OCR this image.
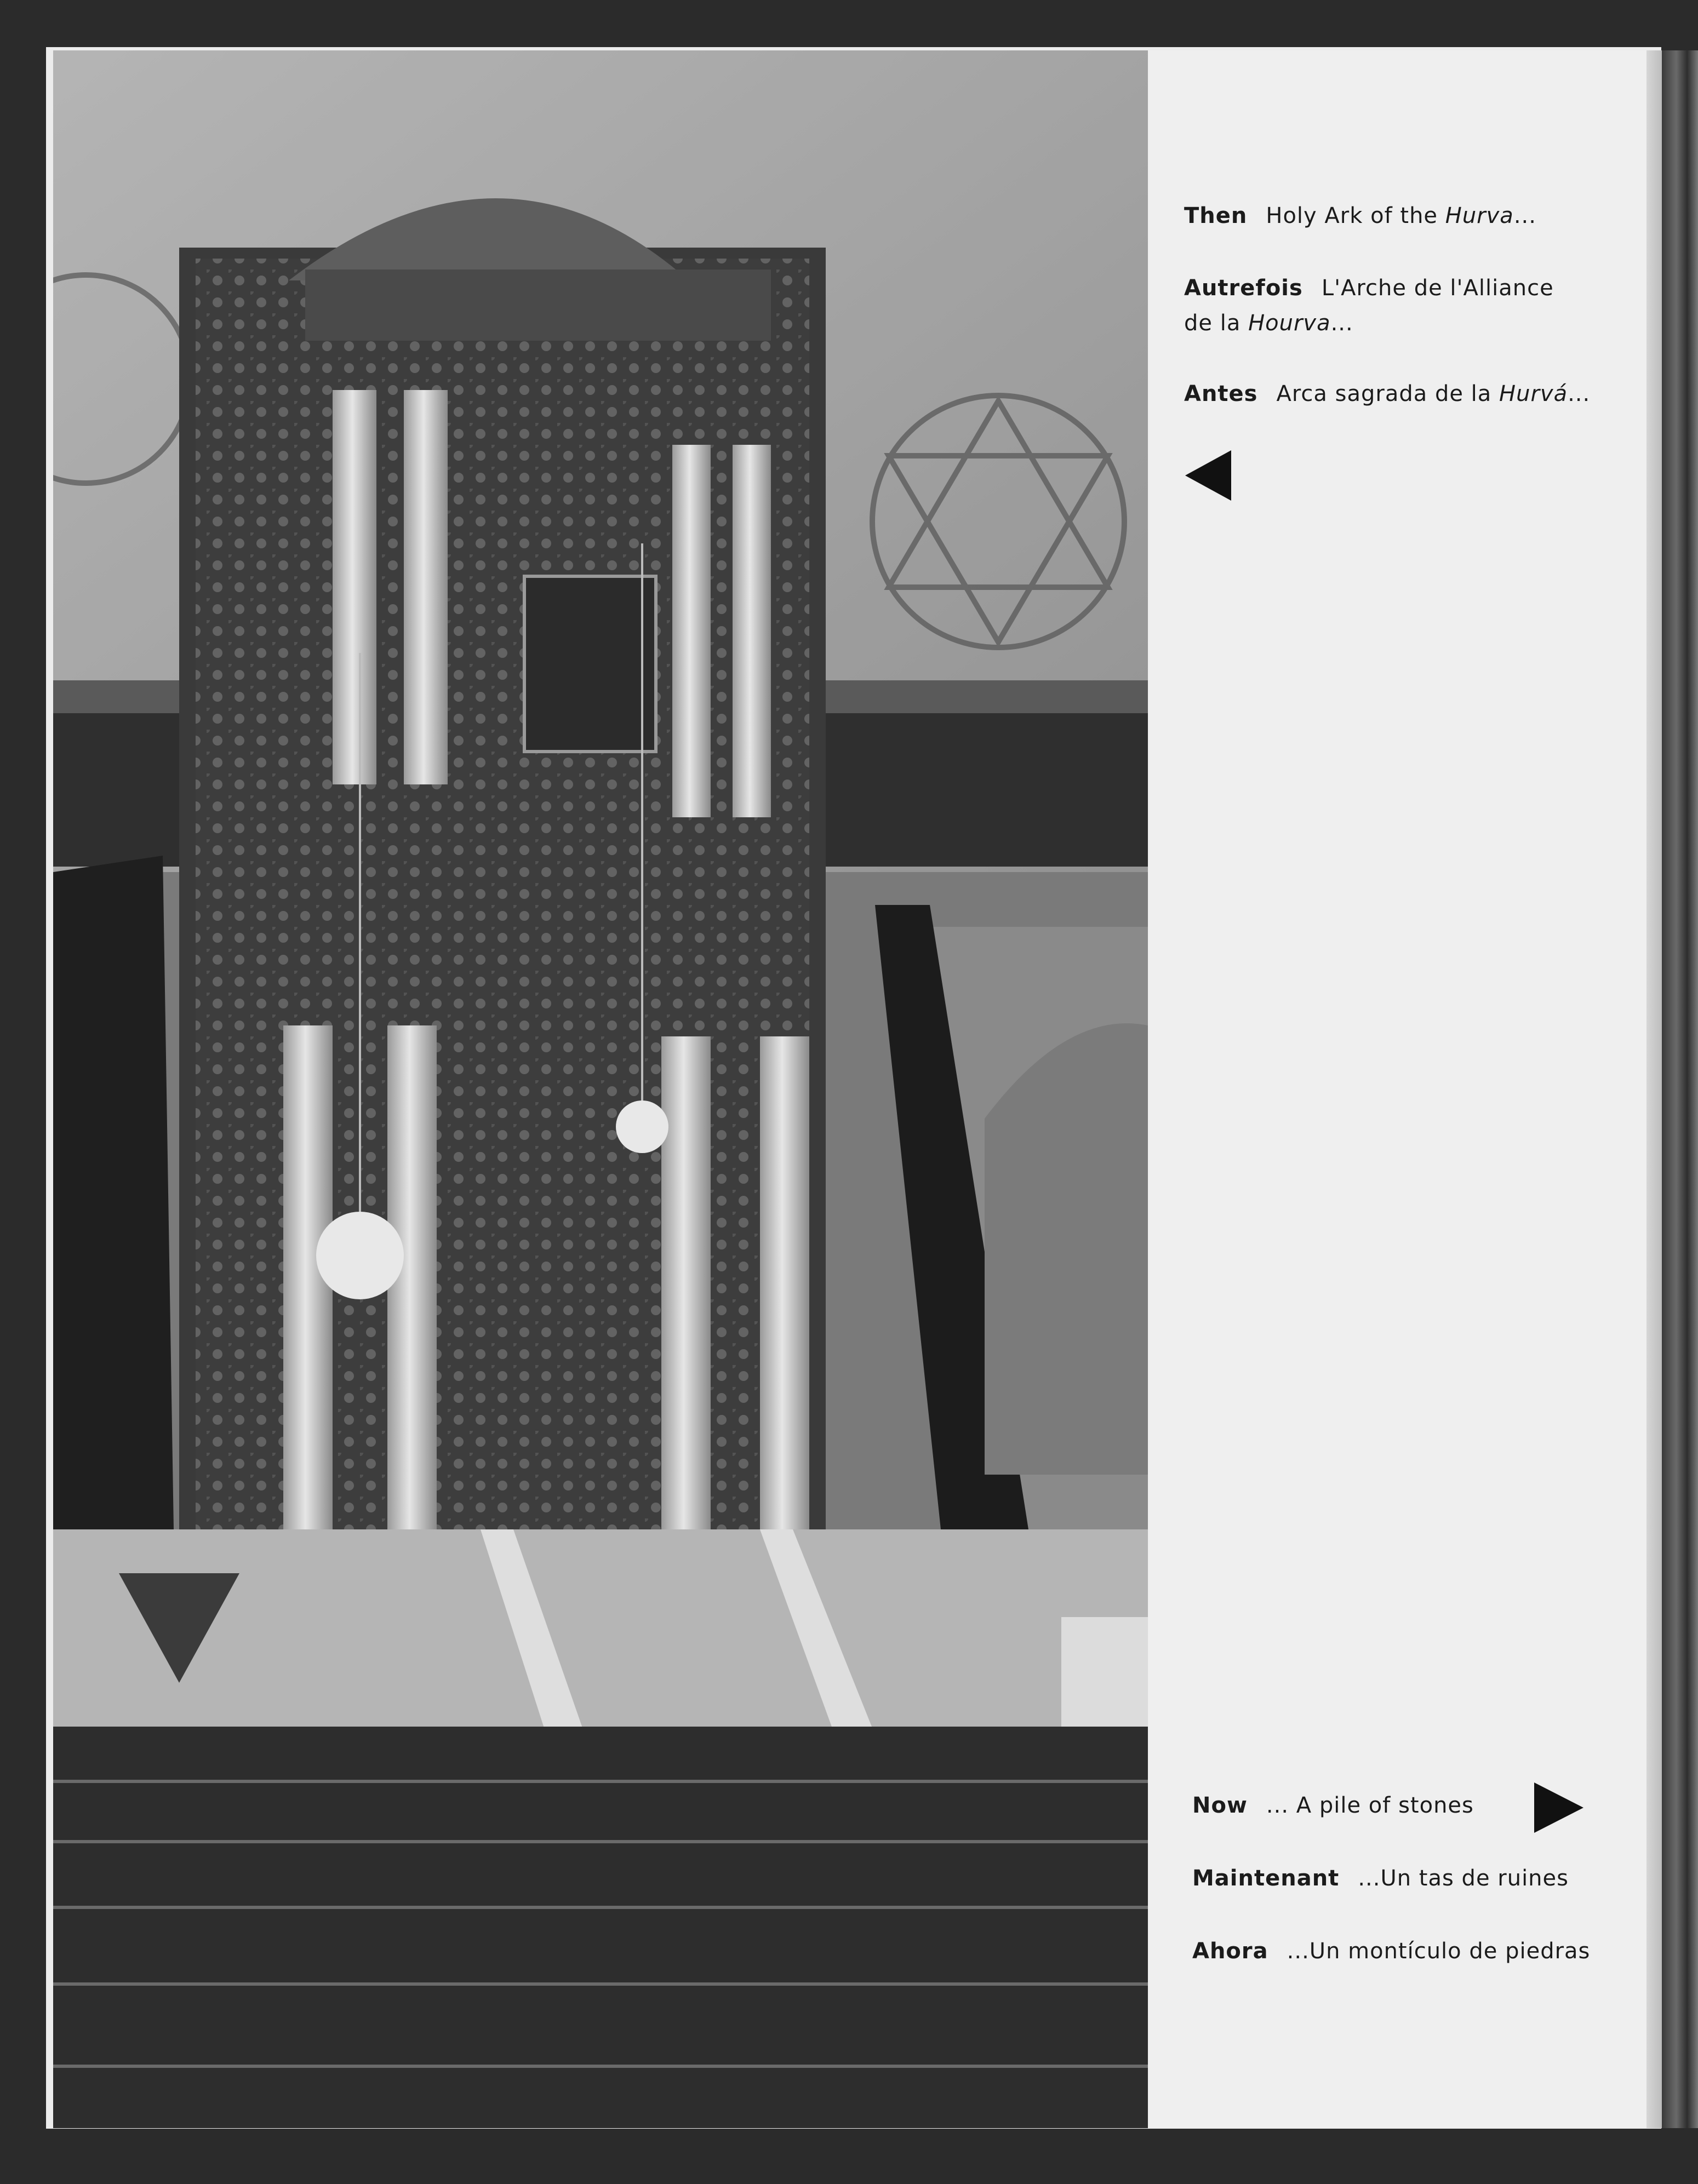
Then Holy Ark of the Hurva...
Autrefois L'Arche de l'Alliance
de la Hourva...
Antes Arca sagrada de la Hurvá...
Now ... A pile of stones
Maintenant ...Un tas de ruines
Ahora ...Un montículo de piedras
